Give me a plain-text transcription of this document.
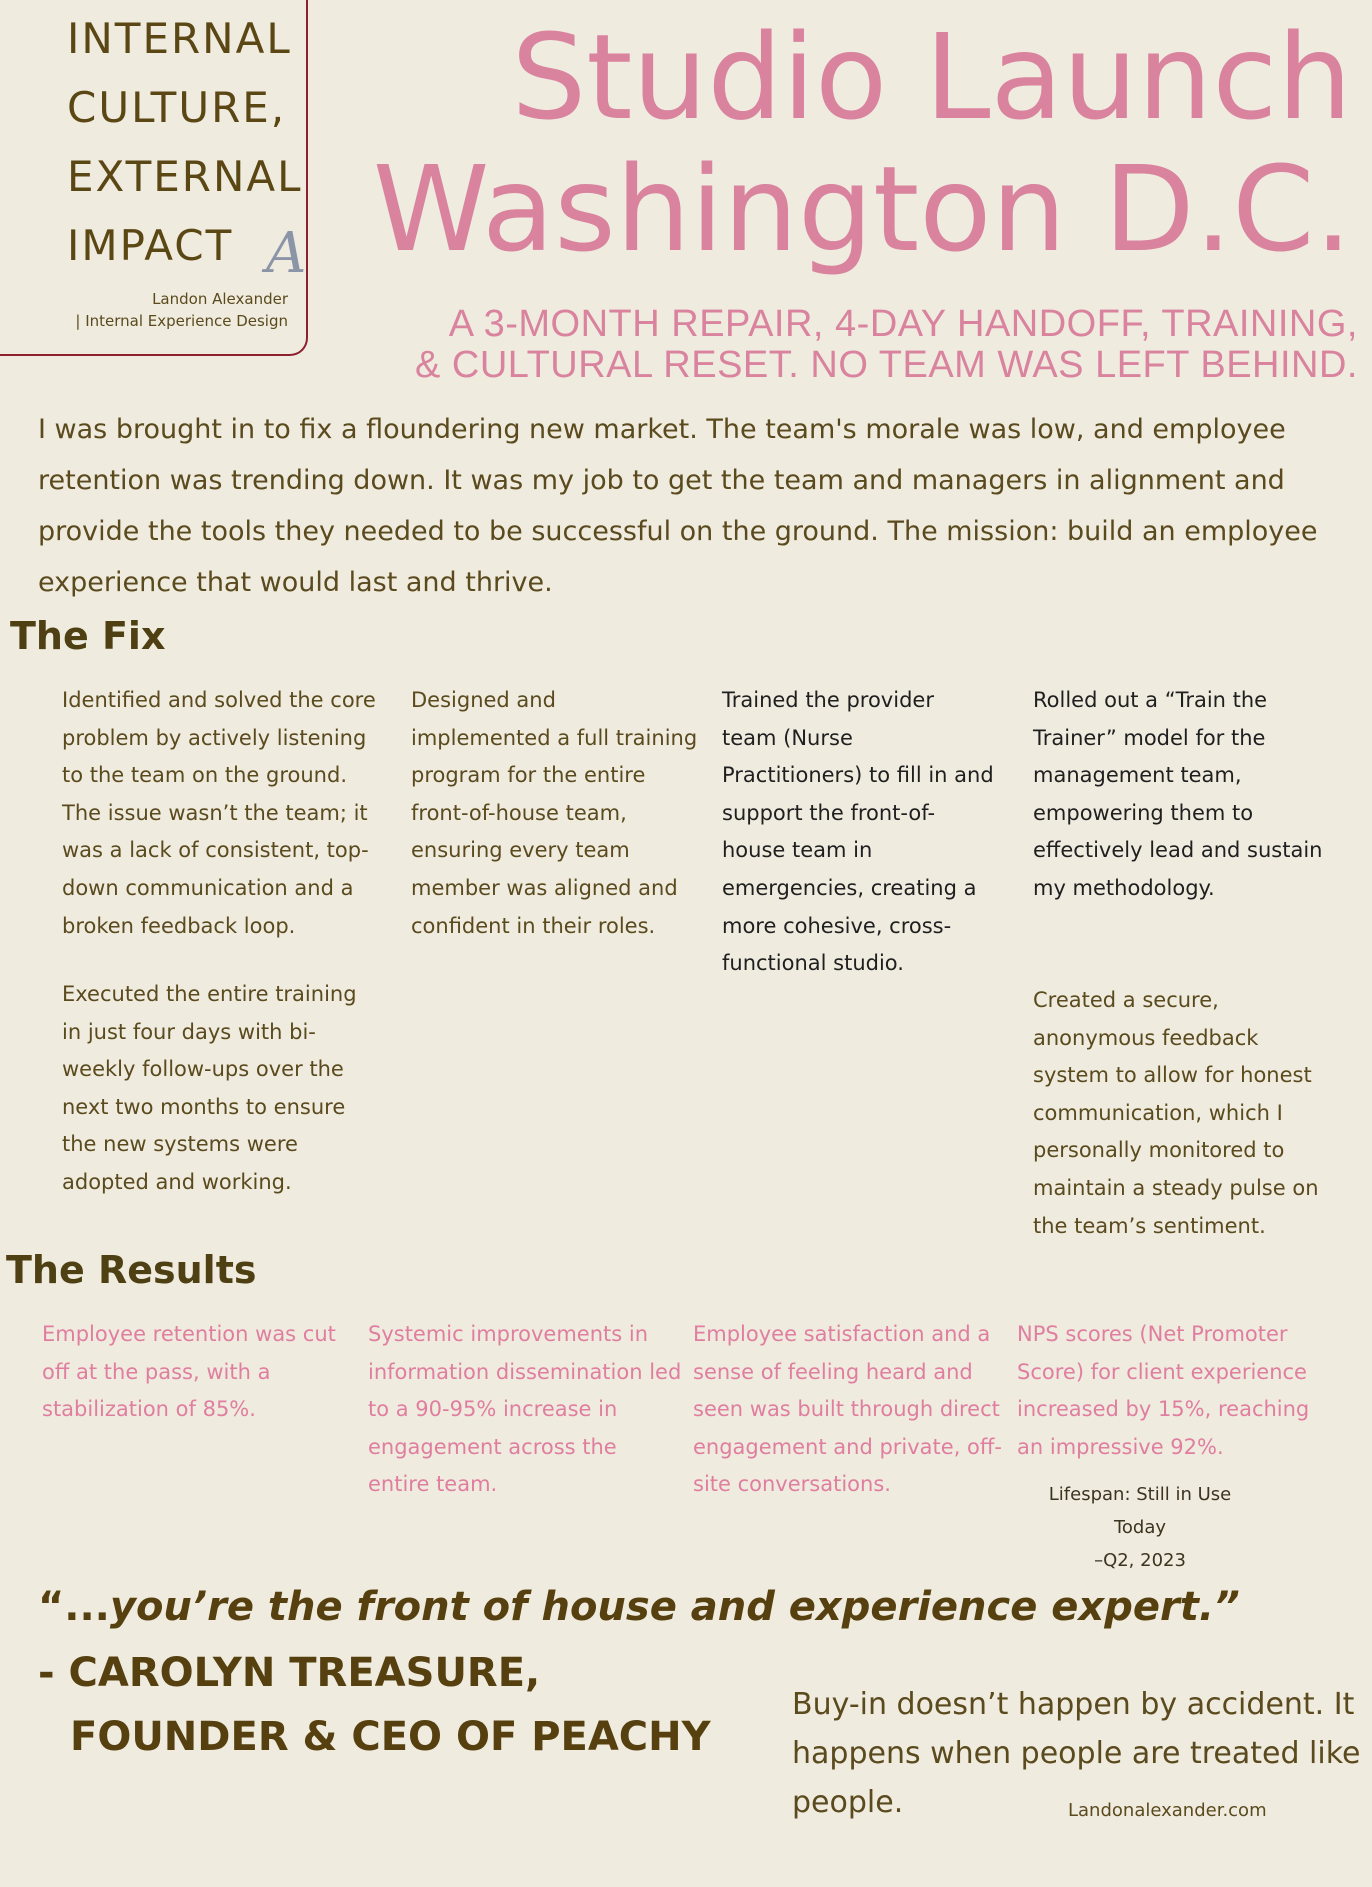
INTERNAL
CULTURE,
EXTERNAL
IMPACT A
Landon Alexander
| Internal Experience Design
Studio Launch
Washington D.C.
A 3-MONTH REPAIR, 4-DAY HANDOFF, TRAINING,
& CULTURAL RESET. NO TEAM WAS LEFT BEHIND.

I was brought in to fix a floundering new market. The team's morale was low, and employee retention was trending down. It was my job to get the team and managers in alignment and provide the tools they needed to be successful on the ground. The mission: build an employee experience that would last and thrive.

The Fix

Identified and solved the core problem by actively listening to the team on the ground. The issue wasn’t the team; it was a lack of consistent, top-down communication and a broken feedback loop.

Designed and implemented a full training program for the entire front-of-house team, ensuring every team member was aligned and confident in their roles.

Trained the provider team (Nurse Practitioners) to fill in and support the front-of-house team in emergencies, creating a more cohesive, cross-functional studio.

Rolled out a “Train the Trainer” model for the management team, empowering them to effectively lead and sustain my methodology.

Executed the entire training in just four days with bi-weekly follow-ups over the next two months to ensure the new systems were adopted and working.

Created a secure, anonymous feedback system to allow for honest communication, which I personally monitored to maintain a steady pulse on the team’s sentiment.

The Results

Employee retention was cut off at the pass, with a stabilization of 85%.

Systemic improvements in information dissemination led to a 90-95% increase in engagement across the entire team.

Employee satisfaction and a sense of feeling heard and seen was built through direct engagement and private, off-site conversations.

NPS scores (Net Promoter Score) for client experience increased by 15%, reaching an impressive 92%.

Lifespan: Still in Use Today
–Q2, 2023
“...you’re the front of house and experience expert.”
- CAROLYN TREASURE,
FOUNDER & CEO OF PEACHY

Buy-in doesn’t happen by accident. It happens when people are treated like people.	Landonalexander.com
